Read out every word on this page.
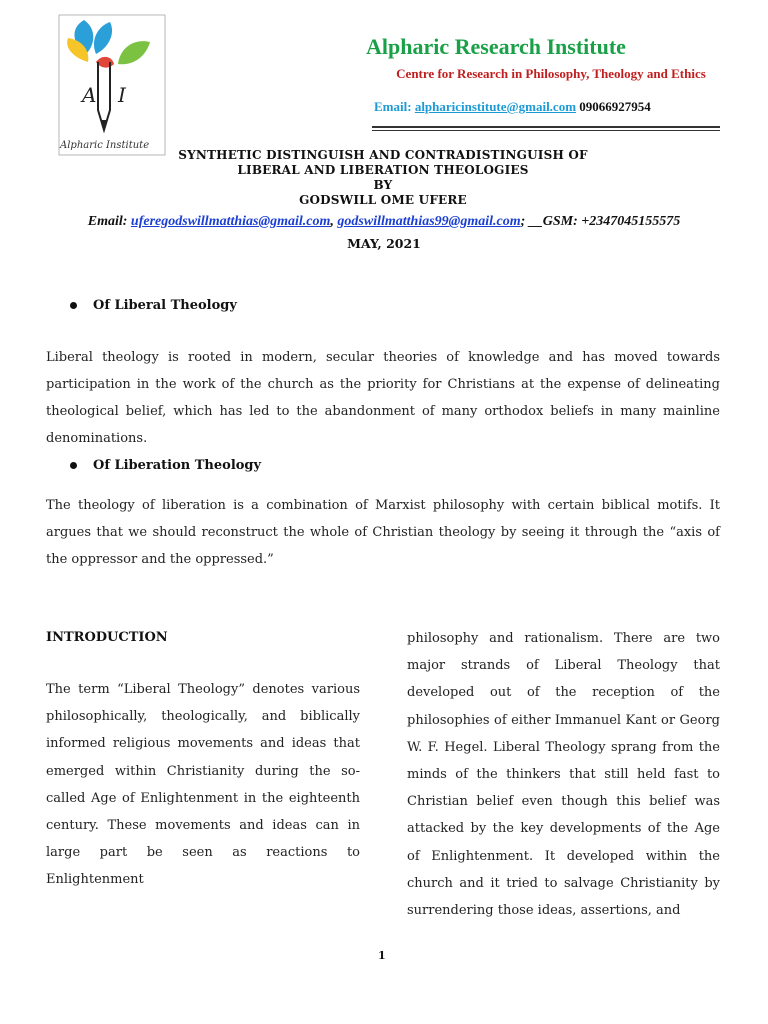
A I
Alpharic Institute
Alpharic Research Institute
Centre for Research in Philosophy, Theology and Ethics
Email: alpharicinstitute@gmail.com 09066927954
SYNTHETIC DISTINGUISH AND CONTRADISTINGUISH OF
LIBERAL AND LIBERATION THEOLOGIES
BY
GODSWILL OME UFERE
Email: uferegodswillmatthias@gmail.com, godswillmatthias99@gmail.com; __GSM: +2347045155575
MAY, 2021
Of Liberal Theology
Liberal theology is rooted in modern, secular theories of knowledge and has moved towards participation in the work of the church as the priority for Christians at the expense of delineating theological belief, which has led to the abandonment of many orthodox beliefs in many mainline denominations.
Of Liberation Theology
The theology of liberation is a combination of Marxist philosophy with certain biblical motifs. It argues that we should reconstruct the whole of Christian theology by seeing it through the “axis of the oppressor and the oppressed.”
INTRODUCTION
The term “Liberal Theology” denotes various philosophically, theologically, and biblically informed religious movements and ideas that emerged within Christianity during the so-called Age of Enlightenment in the eighteenth century. These movements and ideas can in large part be seen as reactions to Enlightenment
philosophy and rationalism. There are two major strands of Liberal Theology that developed out of the reception of the philosophies of either Immanuel Kant or Georg W. F. Hegel. Liberal Theology sprang from the minds of the thinkers that still held fast to Christian belief even though this belief was attacked by the key developments of the Age of Enlightenment. It developed within the church and it tried to salvage Christianity by surrendering those ideas, assertions, and
1
